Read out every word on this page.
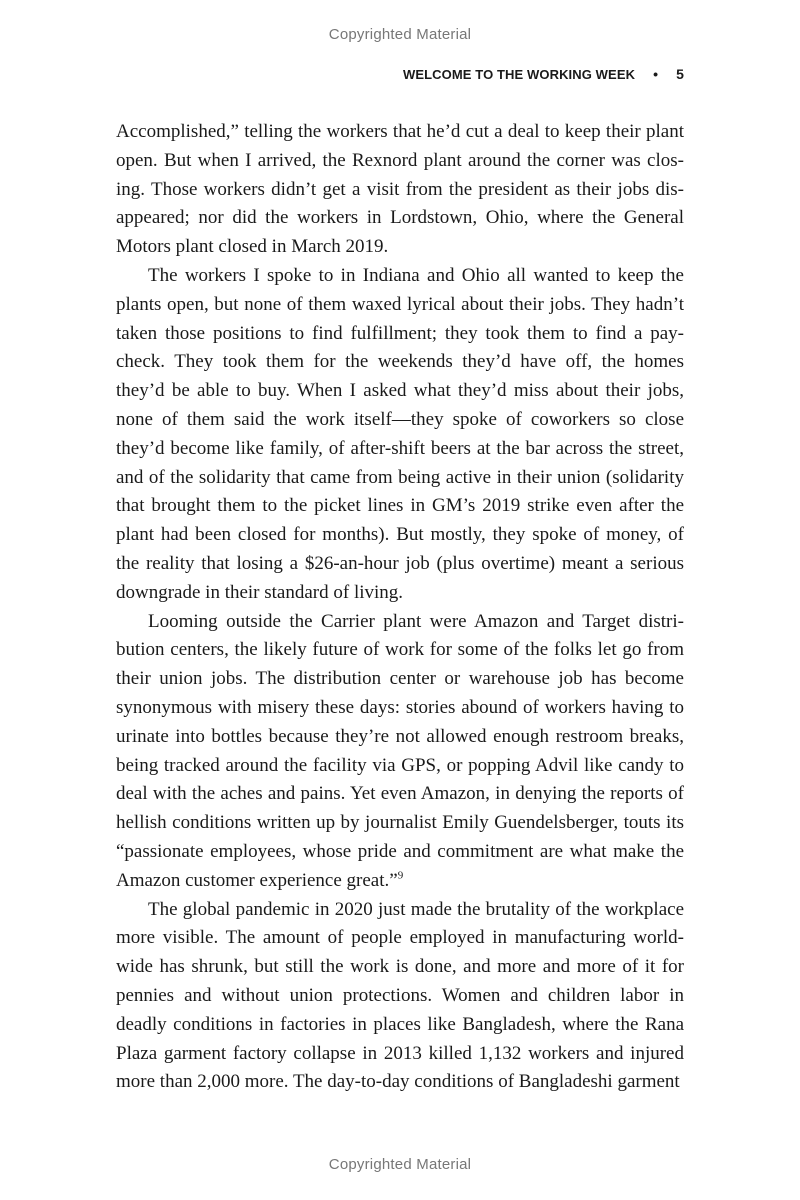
Copyrighted Material
WELCOME TO THE WORKING WEEK • 5

Accomplished,” telling the workers that he’d cut a deal to keep their plant open. But when I arrived, the Rexnord plant around the corner was closing. Those workers didn’t get a visit from the president as their jobs disappeared; nor did the workers in Lordstown, Ohio, where the General Motors plant closed in March 2019.

The workers I spoke to in Indiana and Ohio all wanted to keep the plants open, but none of them waxed lyrical about their jobs. They hadn’t taken those positions to find fulfillment; they took them to find a paycheck. They took them for the weekends they’d have off, the homes they’d be able to buy. When I asked what they’d miss about their jobs, none of them said the work itself—they spoke of coworkers so close they’d become like family, of after-shift beers at the bar across the street, and of the solidarity that came from being active in their union (solidarity that brought them to the picket lines in GM’s 2019 strike even after the plant had been closed for months). But mostly, they spoke of money, of the reality that losing a $26-an-hour job (plus overtime) meant a serious downgrade in their standard of living.

Looming outside the Carrier plant were Amazon and Target distribution centers, the likely future of work for some of the folks let go from their union jobs. The distribution center or warehouse job has become synonymous with misery these days: stories abound of workers having to urinate into bottles because they’re not allowed enough restroom breaks, being tracked around the facility via GPS, or popping Advil like candy to deal with the aches and pains. Yet even Amazon, in denying the reports of hellish conditions written up by journalist Emily Guendelsberger, touts its “passionate employees, whose pride and commitment are what make the Amazon customer experience great.”$^9$

The global pandemic in 2020 just made the brutality of the workplace more visible. The amount of people employed in manufacturing worldwide has shrunk, but still the work is done, and more and more of it for pennies and without union protections. Women and children labor in deadly conditions in factories in places like Bangladesh, where the Rana Plaza garment factory collapse in 2013 killed 1,132 workers and injured more than 2,000 more. The day-to-day conditions of Bangladeshi garment

Copyrighted Material
